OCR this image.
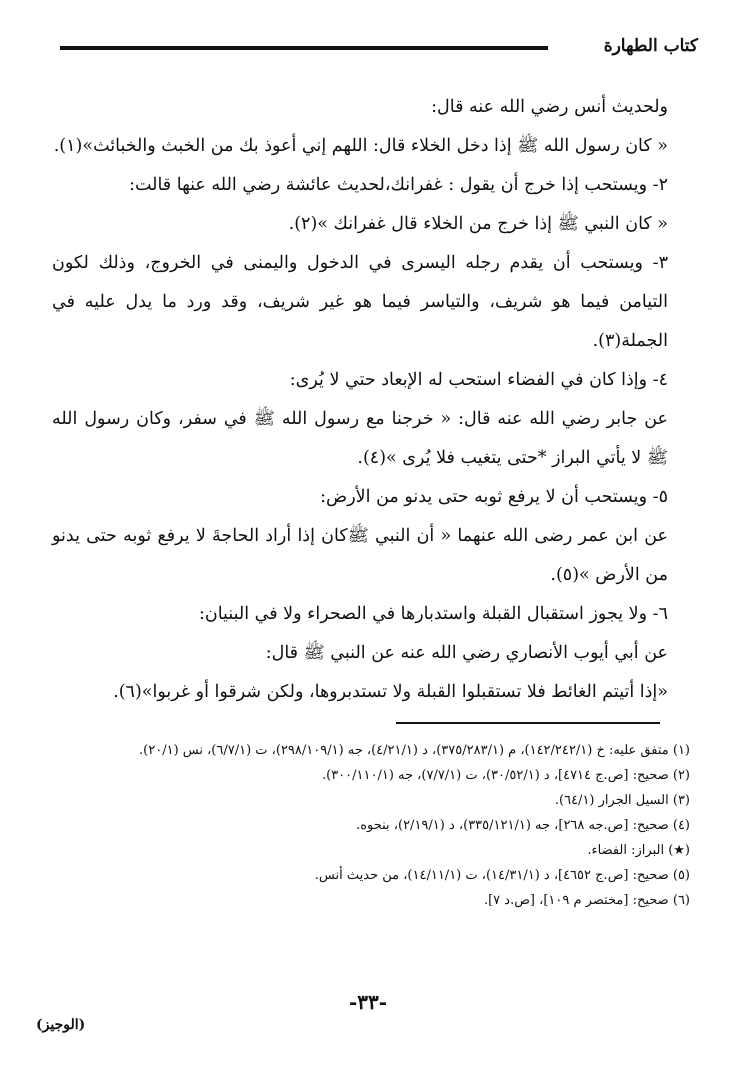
كتاب الطهارة

ولحديث أنس رضي الله عنه قال:

« كان رسول الله ﷺ إذا دخل الخلاء قال: اللهم إني أعوذ بك من الخبث والخبائث»(١).

٢- ويستحب إذا خرج أن يقول : غفرانك،لحديث عائشة رضي الله عنها قالت:

« كان النبي ﷺ إذا خرج من الخلاء قال غفرانك »(٢).

٣- ويستحب أن يقدم رجله اليسرى في الدخول واليمنى في الخروج، وذلك لكون التيامن فيما هو شريف، والتياسر فيما هو غير شريف، وقد ورد ما يدل عليه في الجملة(٣).

٤- وإذا كان في الفضاء استحب له الإبعاد حتي لا يُرى:

عن جابر رضي الله عنه قال: « خرجنا مع رسول الله ﷺ في سفر، وكان رسول الله ﷺ لا يأتي البراز *حتى يتغيب فلا يُرى »(٤).

٥- ويستحب أن لا يرفع ثوبه حتى يدنو من الأرض:

عن ابن عمر رضى الله عنهما « أن النبي ﷺكان إذا أراد الحاجةَ لا يرفع ثوبه حتى يدنو من الأرض »(٥).

٦- ولا يجوز استقبال القبلة واستدبارها في الصحراء ولا في البنيان:

عن أبي أيوب الأنصاري رضي الله عنه عن النبي ﷺ قال:

«إذا أتيتم الغائط فلا تستقبلوا القبلة ولا تستدبروها، ولكن شرقوا أو غربوا»(٦).

(١) متفق عليه: خ (١٤٢/٢٤٢/١)، م (٣٧٥/٢٨٣/١)، د (٤/٢١/١)، جه (٢٩٨/١٠٩/١)، ت (٦/٧/١)، نس (٢٠/١).

(٢) صحيح: [ص.ج ٤٧١٤]، د (٣٠/٥٢/١)، ت (٧/٧/١)، جه (٣٠٠/١١٠/١).

(٣) السيل الجرار (٦٤/١).

(٤) صحيح: [ص.جه ٢٦٨]، جه (٣٣٥/١٢١/١)، د (٢/١٩/١)، بنحوه.

(★) البراز: الفضاء.

(٥) صحيح: [ص.ج ٤٦٥٢]، د (١٤/٣١/١)، ت (١٤/١١/١)، من حديث أنس.

(٦) صحيح: [مختصر م ١٠٩]، [ص.د ٧].

-٣٣-
(الوجيز)
